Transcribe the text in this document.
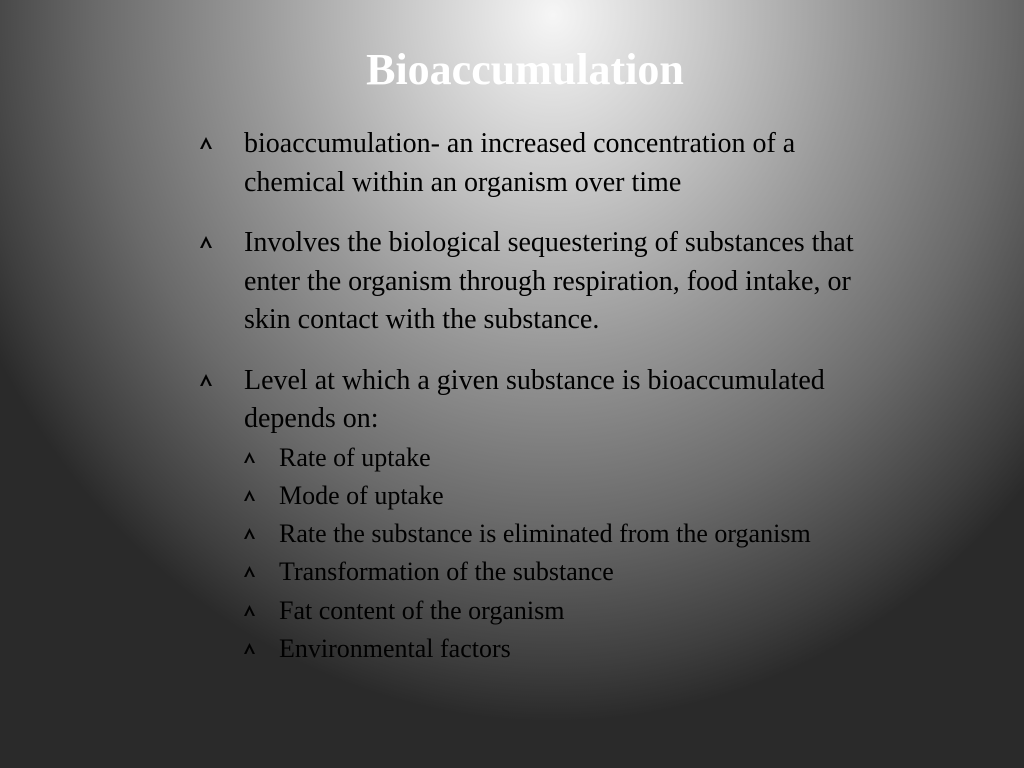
Bioaccumulation
bioaccumulation- an increased concentration of a chemical within an organism over time
Involves the biological sequestering of substances that enter the organism through respiration, food intake, or skin contact with the substance.
Level at which a given substance is bioaccumulated depends on:
Rate of uptake
Mode of uptake
Rate the substance is eliminated from the organism
Transformation of the substance
Fat content of the organism
Environmental factors
